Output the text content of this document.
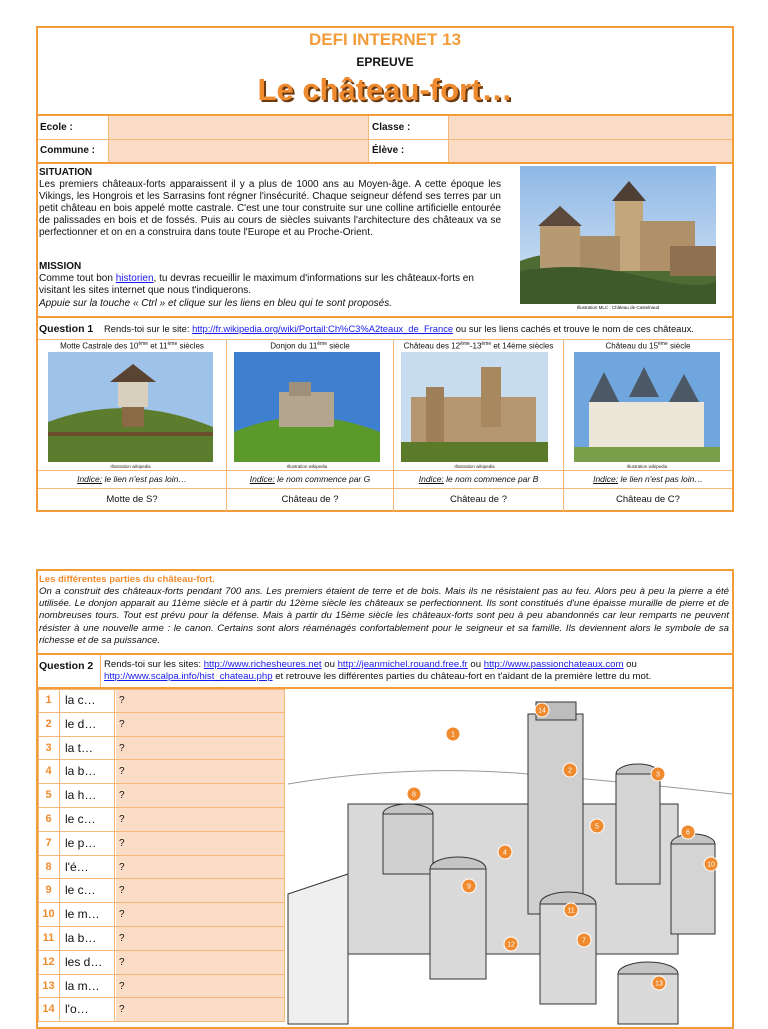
DEFI INTERNET 13
EPREUVE
Le château-fort…
Ecole :	Classe :
Commune :	Élève :
SITUATION
Les premiers châteaux-forts apparaissent il y a plus de 1000 ans au Moyen-âge. A cette époque les Vikings, les Hongrois et les Sarrasins font régner l'insécurité. Chaque seigneur défend ses terres par un petit château en bois appelé motte castrale. C'est une tour construite sur une colline artificielle entourée de palissades en bois et de fossés. Puis au cours de siècles suivants l'architecture des châteaux va se perfectionner et on en a construira dans toute l'Europe et au Proche-Orient.
MISSION
Comme tout bon historien, tu devras recueillir le maximum d'informations sur les châteaux-forts en visitant les sites internet que nous t'indiquerons.
Appuie sur la touche « Ctrl » et clique sur les liens en bleu qui te sont proposés.	Illustration MLC : Château de Castelnaud
Question 1 Rends-toi sur le site: http://fr.wikipedia.org/wiki/Portail:Ch%C3%A2teaux_de_France ou sur les liens cachés et trouve le nom de ces châteaux.
Motte Castrale des 10ème et 11ème siècles	Donjon du 11ème siècle	Château des 12ème-13ème et 14ème siècles	Château du 15ème siècle
Illustration wikipedia	Illustration wikipedia	Illustration wikipedia	Illustration wikipedia
Indice: le lien n'est pas loin…	Indice: le nom commence par G	Indice: le nom commence par B	Indice: le lien n'est pas loin…
Motte de S?	Château de ?	Château de ?	Château de C?
Les différentes parties du château-fort.
On a construit des châteaux-forts pendant 700 ans. Les premiers étaient de terre et de bois. Mais ils ne résistaient pas au feu. Alors peu à peu la pierre a été utilisée. Le donjon apparait au 11ème siècle et à partir du 12ème siècle les châteaux se perfectionnent. Ils sont constitués d'une épaisse muraille de pierre et de nombreuses tours. Tout est prévu pour la défense. Mais à partir du 15ème siècle les châteaux-forts sont peu à peu abandonnés car leur remparts ne peuvent résister à une nouvelle arme : le canon. Certains sont alors réaménagés confortablement pour le seigneur et sa famille. Ils deviennent alors le symbole de sa richesse et de sa puissance.
Question 2 Rends-toi sur les sites: http://www.richesheures.net ou http://jeanmichel.rouand.free.fr ou http://www.passionchateaux.com ou http://www.scalpa.info/hist_chateau.php et retrouve les différentes parties du château-fort en t'aidant de la première lettre du mot.
1	la c…	?
2	le d…	?
3	la t…	?
4	la b…	?
5	la h…	?
6	le c…	?
7	le p…	?
8	l'é…	?
9	le c…	?
10 le m…	?
11 la b…	?
12 les d…	?
13 la m…	?
14 l'o…	?
1
2
3
4
5
6
7
8
9
10
11
12
13
14
